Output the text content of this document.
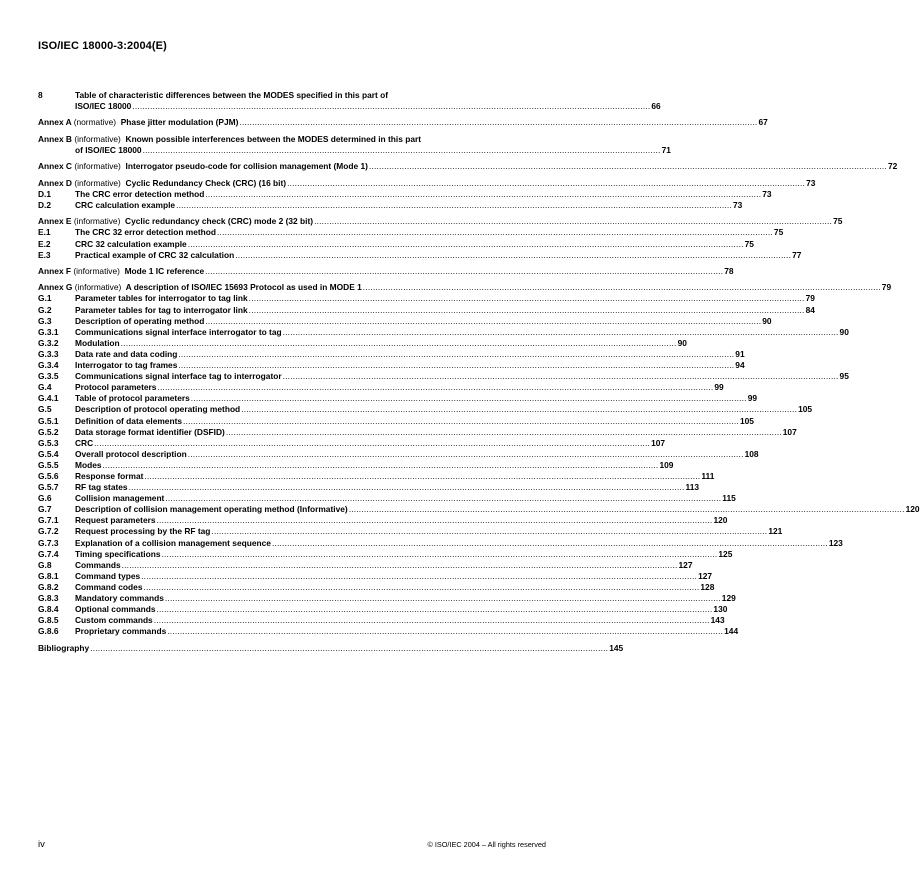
ISO/IEC 18000-3:2004(E)
8	Table of characteristic differences between the MODES specified in this part of
ISO/IEC 18000 ............................................................................................................................................................................................................. 66
Annex A (normative) Phase jitter modulation (PJM) ............................................................................................................................................................................................................. 67
Annex B (informative) Known possible interferences between the MODES determined in this part
of ISO/IEC 18000 ............................................................................................................................................................................................................. 71
Annex C (informative) Interrogator pseudo-code for collision management (Mode 1) ............................................................................................................................................................................................................. 72
Annex D (informative) Cyclic Redundancy Check (CRC) (16 bit) ............................................................................................................................................................................................................. 73
D.1	The CRC error detection method ............................................................................................................................................................................................................................ 73
D.2	CRC calculation example ............................................................................................................................................................................................................................ 73
Annex E (informative) Cyclic redundancy check (CRC) mode 2 (32 bit) ............................................................................................................................................................................................................. 75
E.1	The CRC 32 error detection method ............................................................................................................................................................................................................................ 75
E.2	CRC 32 calculation example ............................................................................................................................................................................................................................ 75
E.3	Practical example of CRC 32 calculation ............................................................................................................................................................................................................................ 77
Annex F (informative) Mode 1 IC reference ............................................................................................................................................................................................................. 78
Annex G (informative) A description of ISO/IEC 15693 Protocol as used in MODE 1 ............................................................................................................................................................................................................. 79
G.1	Parameter tables for interrogator to tag link ............................................................................................................................................................................................................................ 79
G.2	Parameter tables for tag to interrogator link ............................................................................................................................................................................................................................ 84
G.3	Description of operating method ............................................................................................................................................................................................................................ 90
G.3.1	Communications signal interface interrogator to tag ............................................................................................................................................................................................................................ 90
G.3.2	Modulation ............................................................................................................................................................................................................................ 90
G.3.3	Data rate and data coding ............................................................................................................................................................................................................................ 91
G.3.4	Interrogator to tag frames ............................................................................................................................................................................................................................ 94
G.3.5	Communications signal interface tag to interrogator ............................................................................................................................................................................................................................ 95
G.4	Protocol parameters ............................................................................................................................................................................................................................ 99
G.4.1	Table of protocol parameters ............................................................................................................................................................................................................................ 99
G.5	Description of protocol operating method ............................................................................................................................................................................................................................ 105
G.5.1	Definition of data elements ............................................................................................................................................................................................................................ 105
G.5.2	Data storage format identifier (DSFID) ............................................................................................................................................................................................................................ 107
G.5.3	CRC ............................................................................................................................................................................................................................ 107
G.5.4	Overall protocol description ............................................................................................................................................................................................................................ 108
G.5.5	Modes ............................................................................................................................................................................................................................ 109
G.5.6	Response format ............................................................................................................................................................................................................................ 111
G.5.7	RF tag states ............................................................................................................................................................................................................................ 113
G.6	Collision management ............................................................................................................................................................................................................................ 115
G.7	Description of collision management operating method (Informative) ............................................................................................................................................................................................................................ 120
G.7.1	Request parameters ............................................................................................................................................................................................................................ 120
G.7.2	Request processing by the RF tag ............................................................................................................................................................................................................................ 121
G.7.3	Explanation of a collision management sequence ............................................................................................................................................................................................................................ 123
G.7.4	Timing specifications ............................................................................................................................................................................................................................ 125
G.8	Commands ............................................................................................................................................................................................................................ 127
G.8.1	Command types ............................................................................................................................................................................................................................ 127
G.8.2	Command codes ............................................................................................................................................................................................................................ 128
G.8.3	Mandatory commands ............................................................................................................................................................................................................................ 129
G.8.4	Optional commands ............................................................................................................................................................................................................................ 130
G.8.5	Custom commands ............................................................................................................................................................................................................................ 143
G.8.6	Proprietary commands ............................................................................................................................................................................................................................ 144
Bibliography ............................................................................................................................................................................................................. 145
iv	© ISO/IEC 2004 – All rights reserved
